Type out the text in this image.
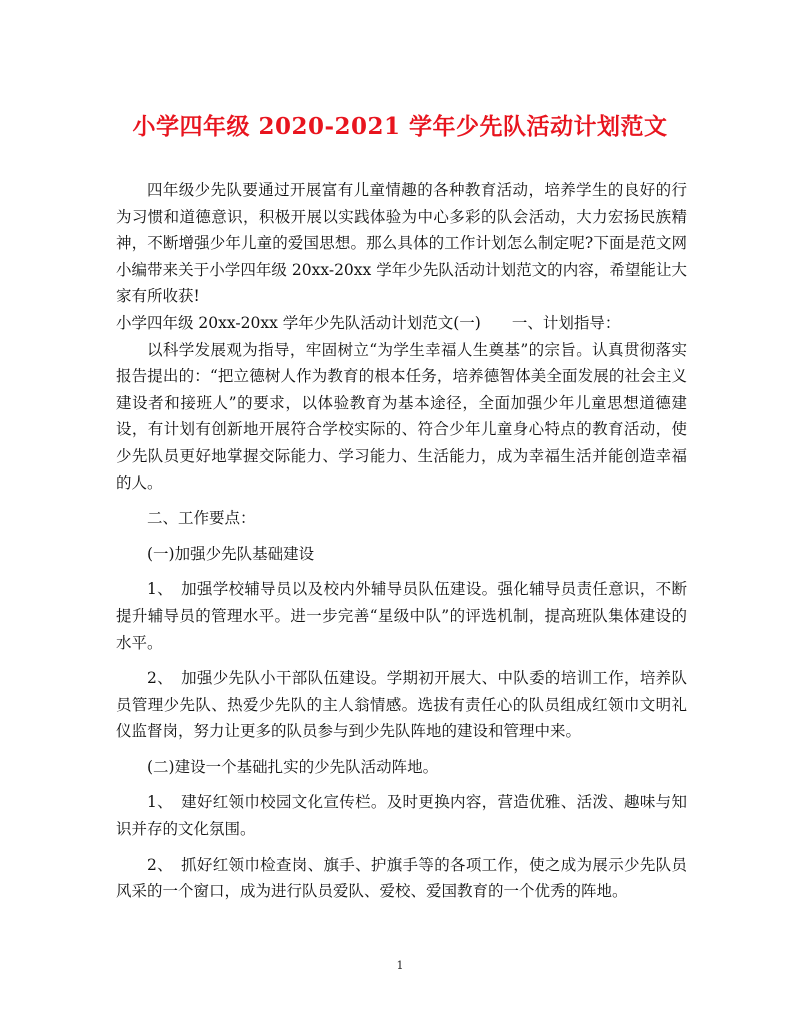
小学四年级 2020-2021 学年少先队活动计划范文

四年级少先队要通过开展富有儿童情趣的各种教育活动，培养学生的良好的行为习惯和道德意识，积极开展以实践体验为中心多彩的队会活动，大力宏扬民族精神，不断增强少年儿童的爱国思想。那么具体的工作计划怎么制定呢?下面是范文网小编带来关于小学四年级 20xx-20xx 学年少先队活动计划范文的内容，希望能让大家有所收获!

小学四年级 20xx-20xx 学年少先队活动计划范文(一)　　一、计划指导：

以科学发展观为指导，牢固树立“为学生幸福人生奠基”的宗旨。认真贯彻落实报告提出的：“把立德树人作为教育的根本任务，培养德智体美全面发展的社会主义建设者和接班人”的要求，以体验教育为基本途径，全面加强少年儿童思想道德建设，有计划有创新地开展符合学校实际的、符合少年儿童身心特点的教育活动，使少先队员更好地掌握交际能力、学习能力、生活能力，成为幸福生活并能创造幸福的人。

二、工作要点：

(一)加强少先队基础建设

1、　加强学校辅导员以及校内外辅导员队伍建设。强化辅导员责任意识，不断提升辅导员的管理水平。进一步完善“星级中队”的评选机制，提高班队集体建设的水平。

2、　加强少先队小干部队伍建设。学期初开展大、中队委的培训工作，培养队员管理少先队、热爱少先队的主人翁情感。选拔有责任心的队员组成红领巾文明礼仪监督岗，努力让更多的队员参与到少先队阵地的建设和管理中来。

(二)建设一个基础扎实的少先队活动阵地。

1、　建好红领巾校园文化宣传栏。及时更换内容，营造优雅、活泼、趣味与知识并存的文化氛围。

2、　抓好红领巾检查岗、旗手、护旗手等的各项工作，使之成为展示少先队员风采的一个窗口，成为进行队员爱队、爱校、爱国教育的一个优秀的阵地。

1
